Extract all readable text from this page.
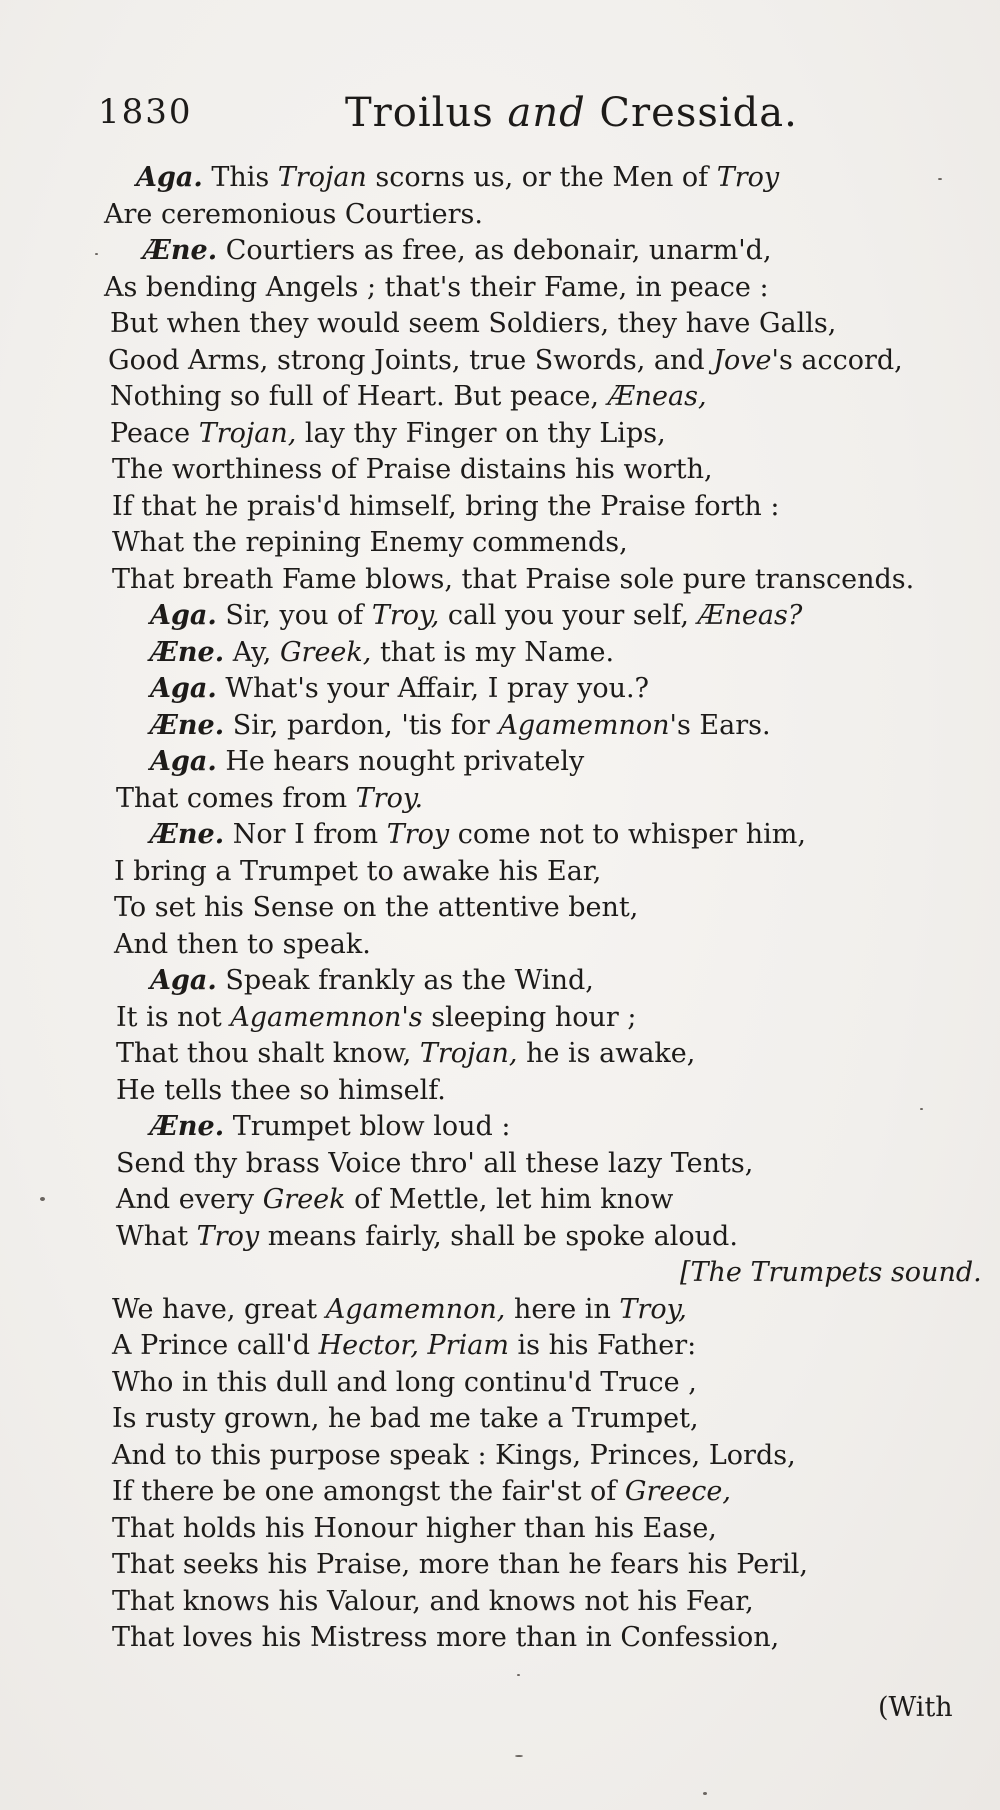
1830	Troilus and Cressida.
Aga. This Trojan scorns us, or the Men of Troy
Are ceremonious Courtiers.
Æne. Courtiers as free, as debonair, unarm'd,
As bending Angels ; that's their Fame, in peace :
But when they would seem Soldiers, they have Galls,
Good Arms, strong Joints, true Swords, and Jove's accord,
Nothing so full of Heart. But peace, Æneas,
Peace Trojan, lay thy Finger on thy Lips,
The worthiness of Praise distains his worth,
If that he prais'd himself, bring the Praise forth :
What the repining Enemy commends,
That breath Fame blows, that Praise sole pure transcends.
Aga. Sir, you of Troy, call you your self, Æneas?
Æne. Ay, Greek, that is my Name.
Aga. What's your Affair, I pray you.?
Æne. Sir, pardon, 'tis for Agamemnon's Ears.
Aga. He hears nought privately
That comes from Troy.
Æne. Nor I from Troy come not to whisper him,
I bring a Trumpet to awake his Ear,
To set his Sense on the attentive bent,
And then to speak.
Aga. Speak frankly as the Wind,
It is not Agamemnon's sleeping hour ;
That thou shalt know, Trojan, he is awake,
He tells thee so himself.
Æne. Trumpet blow loud :
Send thy brass Voice thro' all these lazy Tents,
And every Greek of Mettle, let him know
What Troy means fairly, shall be spoke aloud.
[The Trumpets sound.
We have, great Agamemnon, here in Troy,
A Prince call'd Hector, Priam is his Father:
Who in this dull and long continu'd Truce ,
Is rusty grown, he bad me take a Trumpet,
And to this purpose speak : Kings, Princes, Lords,
If there be one amongst the fair'st of Greece,
That holds his Honour higher than his Ease,
That seeks his Praise, more than he fears his Peril,
That knows his Valour, and knows not his Fear,
That loves his Mistress more than in Confession,
(With
